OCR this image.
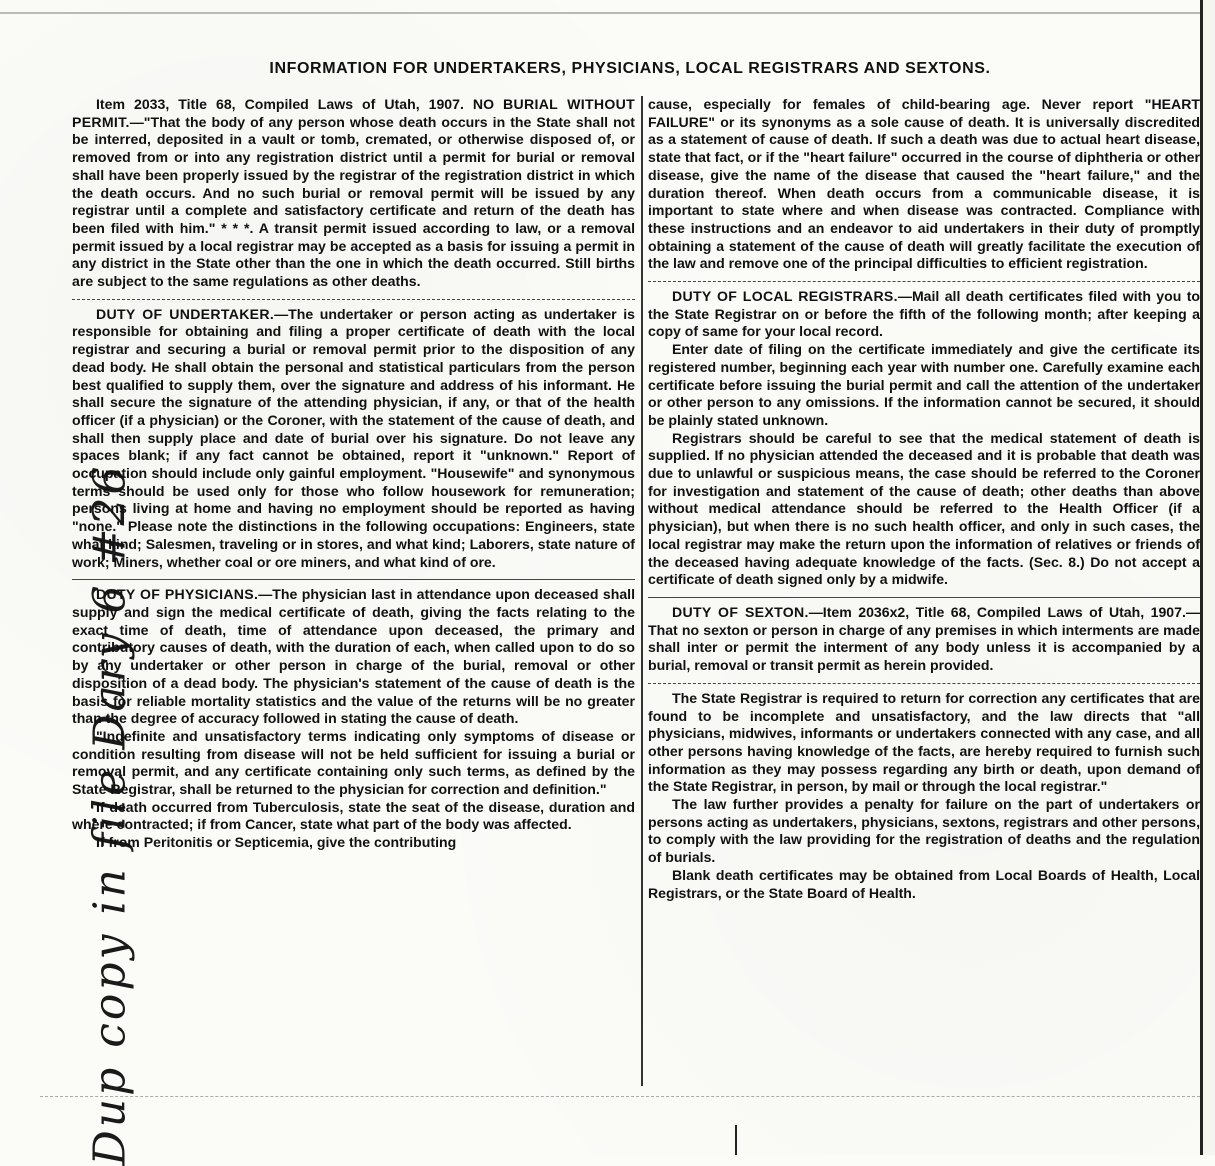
INFORMATION FOR UNDERTAKERS, PHYSICIANS, LOCAL REGISTRARS AND SEXTONS.
Dup copy in file Dary 6 #26

Item 2033, Title 68, Compiled Laws of Utah, 1907. NO BURIAL WITHOUT PERMIT.—"That the body of any person whose death occurs in the State shall not be interred, deposited in a vault or tomb, cremated, or otherwise disposed of, or removed from or into any registration district until a permit for burial or removal shall have been properly issued by the registrar of the registration district in which the death occurs. And no such burial or removal permit will be issued by any registrar until a complete and satisfactory certificate and return of the death has been filed with him." * * *. A transit permit issued according to law, or a removal permit issued by a local registrar may be accepted as a basis for issuing a permit in any district in the State other than the one in which the death occurred. Still births are subject to the same regulations as other deaths.

DUTY OF UNDERTAKER.—The undertaker or person acting as undertaker is responsible for obtaining and filing a proper certificate of death with the local registrar and securing a burial or removal permit prior to the disposition of any dead body. He shall obtain the personal and statistical particulars from the person best qualified to supply them, over the signature and address of his informant. He shall secure the signature of the attending physician, if any, or that of the health officer (if a physician) or the Coroner, with the statement of the cause of death, and shall then supply place and date of burial over his signature. Do not leave any spaces blank; if any fact cannot be obtained, report it "unknown." Report of occupation should include only gainful employment. "Housewife" and synonymous terms should be used only for those who follow housework for remuneration; persons living at home and having no employment should be reported as having "none." Please note the distinctions in the following occupations: Engineers, state what kind; Salesmen, traveling or in stores, and what kind; Laborers, state nature of work; Miners, whether coal or ore miners, and what kind of ore.

DUTY OF PHYSICIANS.—The physician last in attendance upon deceased shall supply and sign the medical certificate of death, giving the facts relating to the exact time of death, time of attendance upon deceased, the primary and contributory causes of death, with the duration of each, when called upon to do so by any undertaker or other person in charge of the burial, removal or other disposition of a dead body. The physician's statement of the cause of death is the basis for reliable mortality statistics and the value of the returns will be no greater than the degree of accuracy followed in stating the cause of death.

"Indefinite and unsatisfactory terms indicating only symptoms of disease or condition resulting from disease will not be held sufficient for issuing a burial or removal permit, and any certificate containing only such terms, as defined by the State Registrar, shall be returned to the physician for correction and definition."

If death occurred from Tuberculosis, state the seat of the disease, duration and where contracted; if from Cancer, state what part of the body was affected.

If from Peritonitis or Septicemia, give the contributing

cause, especially for females of child-bearing age. Never report "HEART FAILURE" or its synonyms as a sole cause of death. It is universally discredited as a statement of cause of death. If such a death was due to actual heart disease, state that fact, or if the "heart failure" occurred in the course of diphtheria or other disease, give the name of the disease that caused the "heart failure," and the duration thereof. When death occurs from a communicable disease, it is important to state where and when disease was contracted. Compliance with these instructions and an endeavor to aid undertakers in their duty of promptly obtaining a statement of the cause of death will greatly facilitate the execution of the law and remove one of the principal difficulties to efficient registration.

DUTY OF LOCAL REGISTRARS.—Mail all death certificates filed with you to the State Registrar on or before the fifth of the following month; after keeping a copy of same for your local record.

Enter date of filing on the certificate immediately and give the certificate its registered number, beginning each year with number one. Carefully examine each certificate before issuing the burial permit and call the attention of the undertaker or other person to any omissions. If the information cannot be secured, it should be plainly stated unknown.

Registrars should be careful to see that the medical statement of death is supplied. If no physician attended the deceased and it is probable that death was due to unlawful or suspicious means, the case should be referred to the Coroner for investigation and statement of the cause of death; other deaths than above without medical attendance should be referred to the Health Officer (if a physician), but when there is no such health officer, and only in such cases, the local registrar may make the return upon the information of relatives or friends of the deceased having adequate knowledge of the facts. (Sec. 8.) Do not accept a certificate of death signed only by a midwife.

DUTY OF SEXTON.—Item 2036x2, Title 68, Compiled Laws of Utah, 1907.—That no sexton or person in charge of any premises in which interments are made shall inter or permit the interment of any body unless it is accompanied by a burial, removal or transit permit as herein provided.

The State Registrar is required to return for correction any certificates that are found to be incomplete and unsatisfactory, and the law directs that "all physicians, midwives, informants or undertakers connected with any case, and all other persons having knowledge of the facts, are hereby required to furnish such information as they may possess regarding any birth or death, upon demand of the State Registrar, in person, by mail or through the local registrar."

The law further provides a penalty for failure on the part of undertakers or persons acting as undertakers, physicians, sextons, registrars and other persons, to comply with the law providing for the registration of deaths and the regulation of burials.

Blank death certificates may be obtained from Local Boards of Health, Local Registrars, or the State Board of Health.
